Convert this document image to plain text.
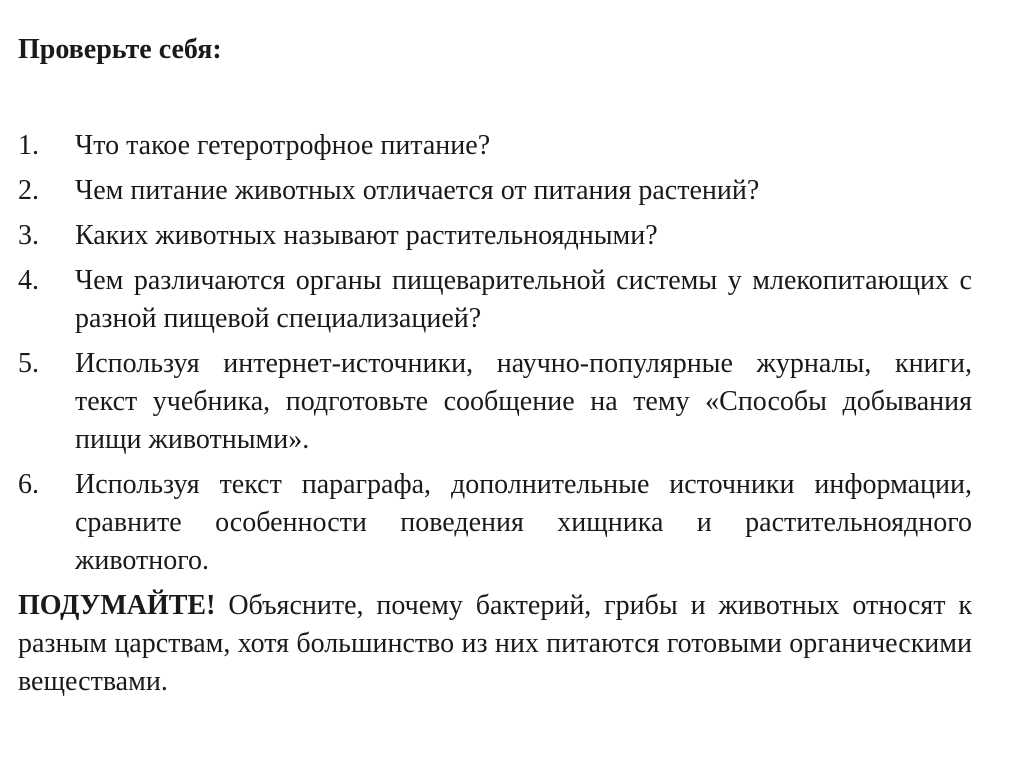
Проверьте себя:

1.	Что такое гетеротрофное питание?
2.	Чем питание животных отличается от питания растений?
3.	Каких животных называют растительноядными?
4.	Чем различаются органы пищеварительной системы у млекопитающих с разной пищевой специализацией?
5.	Используя интернет-источники, научно-популярные журналы, книги, текст учебника, подготовьте сообщение на тему «Способы добывания пищи животными».
6.	Используя текст параграфа, дополнительные источники информации, сравните особенности поведения хищника и растительноядного животного.

ПОДУМАЙТЕ! Объясните, почему бактерий, грибы и животных относят к разным царствам, хотя большинство из них питаются готовыми органическими веществами.
